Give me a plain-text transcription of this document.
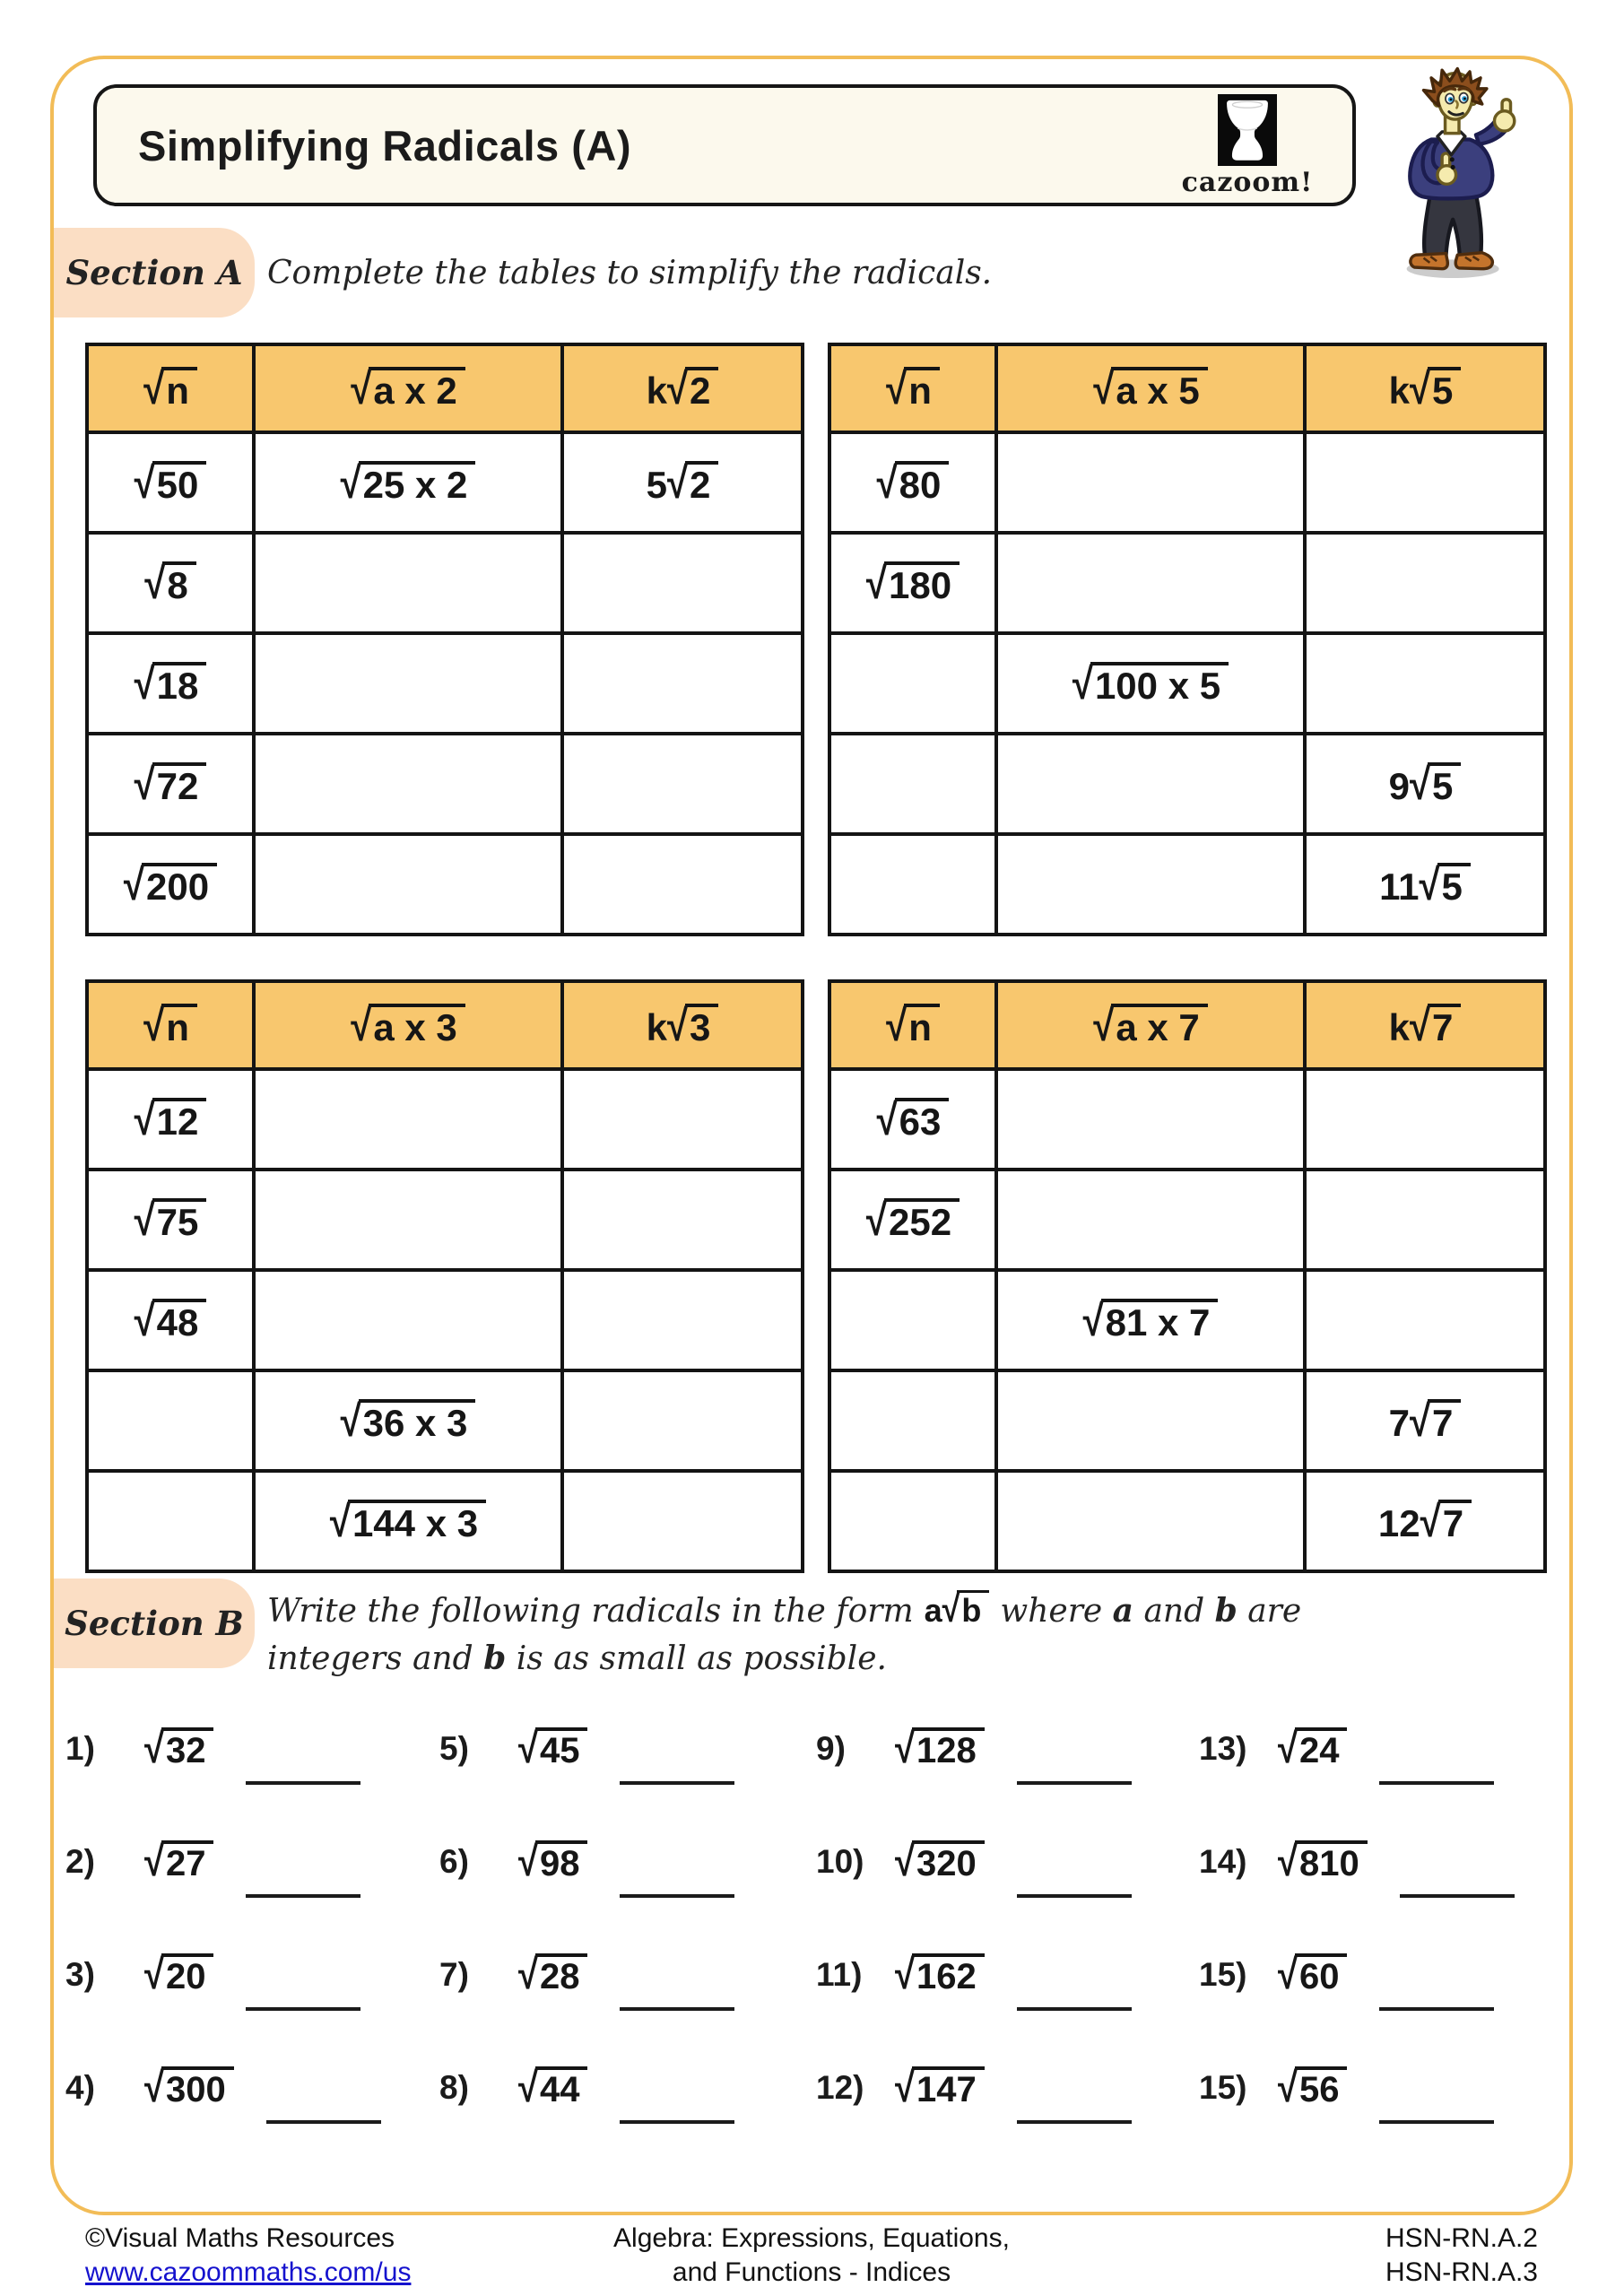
Simplifying Radicals (A)
cazoom!
Section A Complete the tables to simplify the radicals.
√n	√a x 2	k√2
√50	√25 x 2	5√2
√8		
√18		
√72		
√200		
√n	√a x 5	k√5
√80		
√180		
	√100 x 5	
		9√5
		11√5
√n	√a x 3	k√3
√12		
√75		
√48		
	√36 x 3	
	√144 x 3	
√n	√a x 7	k√7
√63		
√252		
	√81 x 7	
		7√7
		12√7
Section B Write the following radicals in the form a√b where a and b are
integers and b is as small as possible.
1)	√32	5)	√45	9)	√128	13) √24
2)	√27	6)	√98	10) √320	14) √810
3)	√20	7)	√28	11) √162	15) √60
4)	√300	8)	√44	12) √147	15) √56
©Visual Maths Resources
www.cazoommaths.com/us
Algebra: Expressions, Equations,
and Functions - Indices
HSN-RN.A.2
HSN-RN.A.3
